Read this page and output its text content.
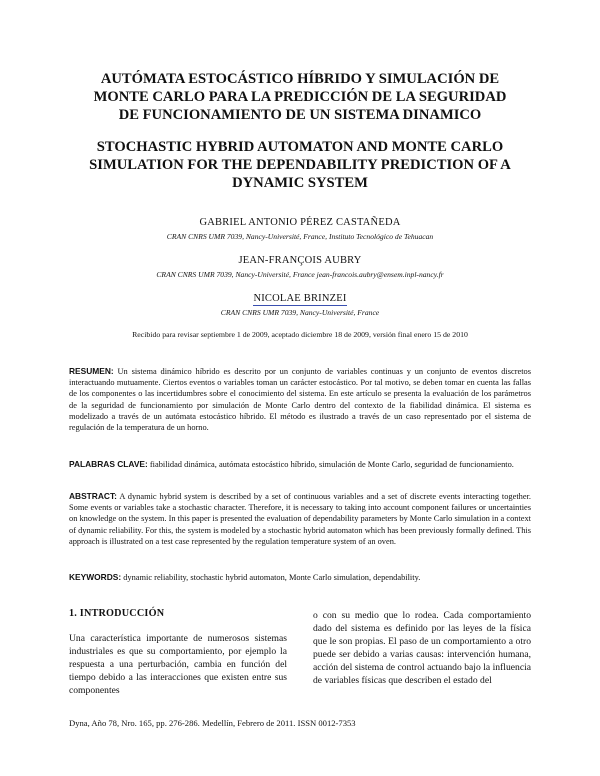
AUTÓMATA ESTOCÁSTICO HÍBRIDO Y SIMULACIÓN DE
MONTE CARLO PARA LA PREDICCIÓN DE LA SEGURIDAD
DE FUNCIONAMIENTO DE UN SISTEMA DINAMICO
STOCHASTIC HYBRID AUTOMATON AND MONTE CARLO
SIMULATION FOR THE DEPENDABILITY PREDICTION OF A
DYNAMIC SYSTEM
GABRIEL ANTONIO PÉREZ CASTAÑEDA
CRAN CNRS UMR 7039, Nancy-Université, France, Instituto Tecnológico de Tehuacan
JEAN-FRANÇOIS AUBRY
CRAN CNRS UMR 7039, Nancy-Université, France jean-francois.aubry@ensem.inpl-nancy.fr
NICOLAE BRINZEI
CRAN CNRS UMR 7039, Nancy-Université, France
Recibido para revisar septiembre 1 de 2009, aceptado diciembre 18 de 2009, versión final enero 15 de 2010
RESUMEN: Un sistema dinámico híbrido es descrito por un conjunto de variables continuas y un conjunto de eventos discretos interactuando mutuamente. Ciertos eventos o variables toman un carácter estocástico. Por tal motivo, se deben tomar en cuenta las fallas de los componentes o las incertidumbres sobre el conocimiento del sistema. En este artículo se presenta la evaluación de los parámetros de la seguridad de funcionamiento por simulación de Monte Carlo dentro del contexto de la fiabilidad dinámica. El sistema es modelizado a través de un autómata estocástico híbrido. El método es ilustrado a través de un caso representado por el sistema de regulación de la temperatura de un horno.
PALABRAS CLAVE: fiabilidad dinámica, autómata estocástico híbrido, simulación de Monte Carlo, seguridad de funcionamiento.
ABSTRACT: A dynamic hybrid system is described by a set of continuous variables and a set of discrete events interacting together. Some events or variables take a stochastic character. Therefore, it is necessary to taking into account component failures or uncertainties on knowledge on the system. In this paper is presented the evaluation of dependability parameters by Monte Carlo simulation in a context of dynamic reliability. For this, the system is modeled by a stochastic hybrid automaton which has been previously formally defined. This approach is illustrated on a test case represented by the regulation temperature system of an oven.
KEYWORDS: dynamic reliability, stochastic hybrid automaton, Monte Carlo simulation, dependability.
1. INTRODUCCIÓN
Una característica importante de numerosos sistemas industriales es que su comportamiento, por ejemplo la respuesta a una perturbación, cambia en función del tiempo debido a las interacciones que existen entre sus componentes
o con su medio que lo rodea. Cada comportamiento dado del sistema es definido por las leyes de la física que le son propias. El paso de un comportamiento a otro puede ser debido a varias causas: intervención humana, acción del sistema de control actuando bajo la influencia de variables físicas que describen el estado del
Dyna, Año 78, Nro. 165, pp. 276-286. Medellín, Febrero de 2011. ISSN 0012-7353
